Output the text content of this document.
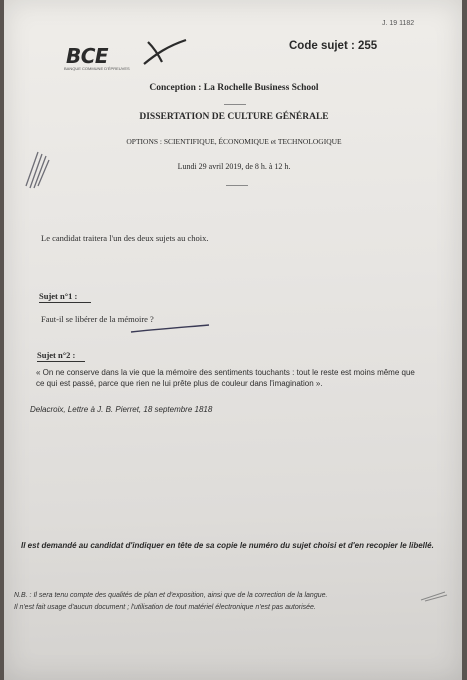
J. 19 1182
BCE
BANQUE COMMUNE D'ÉPREUVES
Code sujet : 255
Conception : La Rochelle Business School
DISSERTATION DE CULTURE GÉNÉRALE
OPTIONS : SCIENTIFIQUE, ÉCONOMIQUE et TECHNOLOGIQUE
Lundi 29 avril 2019, de 8 h. à 12 h.
Le candidat traitera l'un des deux sujets au choix.
Sujet n°1 :
Faut-il se libérer de la mémoire ?
Sujet n°2 :
« On ne conserve dans la vie que la mémoire des sentiments touchants : tout le reste est moins même que ce qui est passé, parce que rien ne lui prête plus de couleur dans l'imagination ».
Delacroix, Lettre à J. B. Pierret, 18 septembre 1818
Il est demandé au candidat d'indiquer en tête de sa copie le numéro du sujet choisi et d'en recopier le libellé.
N.B. : Il sera tenu compte des qualités de plan et d'exposition, ainsi que de la correction de la langue.
Il n'est fait usage d'aucun document ; l'utilisation de tout matériel électronique n'est pas autorisée.
